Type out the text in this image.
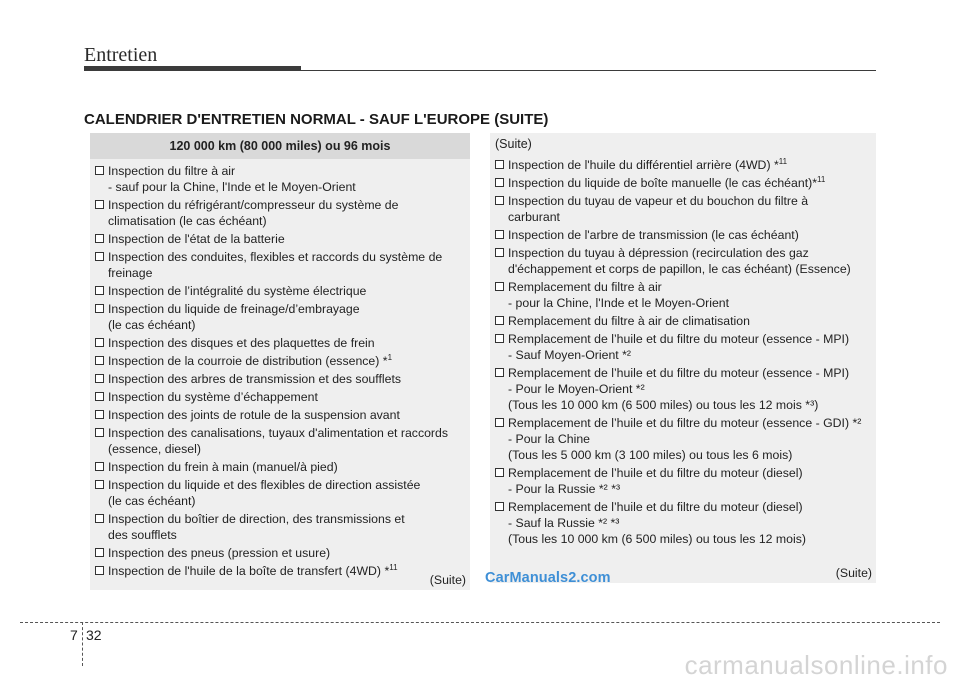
Entretien
CALENDRIER D'ENTRETIEN NORMAL - SAUF L'EUROPE (SUITE)
120 000 km (80 000 miles) ou 96 mois
Inspection du filtre à air
- sauf pour la Chine, l'Inde et le Moyen-Orient
Inspection du réfrigérant/compresseur du système de
climatisation (le cas échéant)
Inspection de l'état de la batterie
Inspection des conduites, flexibles et raccords du système de
freinage
Inspection de l’intégralité du système électrique
Inspection du liquide de freinage/d’embrayage
(le cas échéant)
Inspection des disques et des plaquettes de frein
Inspection de la courroie de distribution (essence) *$^1$
Inspection des arbres de transmission et des soufflets
Inspection du système d’échappement
Inspection des joints de rotule de la suspension avant
Inspection des canalisations, tuyaux d'alimentation et raccords
(essence, diesel)
Inspection du frein à main (manuel/à pied)
Inspection du liquide et des flexibles de direction assistée
(le cas échéant)
Inspection du boîtier de direction, des transmissions et
des soufflets
Inspection des pneus (pression et usure)
Inspection de l'huile de la boîte de transfert (4WD) *$^{11}$
(Suite)
(Suite)
Inspection de l'huile du différentiel arrière (4WD) *$^{11}$
Inspection du liquide de boîte manuelle (le cas échéant)*$^{11}$
Inspection du tuyau de vapeur et du bouchon du filtre à
carburant
Inspection de l'arbre de transmission (le cas échéant)
Inspection du tuyau à dépression (recirculation des gaz
d'échappement et corps de papillon, le cas échéant) (Essence)
Remplacement du filtre à air
- pour la Chine, l'Inde et le Moyen-Orient
Remplacement du filtre à air de climatisation
Remplacement de l’huile et du filtre du moteur (essence - MPI)
- Sauf Moyen-Orient *²
Remplacement de l’huile et du filtre du moteur (essence - MPI)
- Pour le Moyen-Orient *²
(Tous les 10 000 km (6 500 miles) ou tous les 12 mois *³)
Remplacement de l’huile et du filtre du moteur (essence - GDI) *²
- Pour la Chine
(Tous les 5 000 km (3 100 miles) ou tous les 6 mois)
Remplacement de l’huile et du filtre du moteur (diesel)
- Pour la Russie *² *³
Remplacement de l’huile et du filtre du moteur (diesel)
- Sauf la Russie *² *³
(Tous les 10 000 km (6 500 miles) ou tous les 12 mois)
(Suite)
CarManuals2.com
7 32
carmanualsonline.info
